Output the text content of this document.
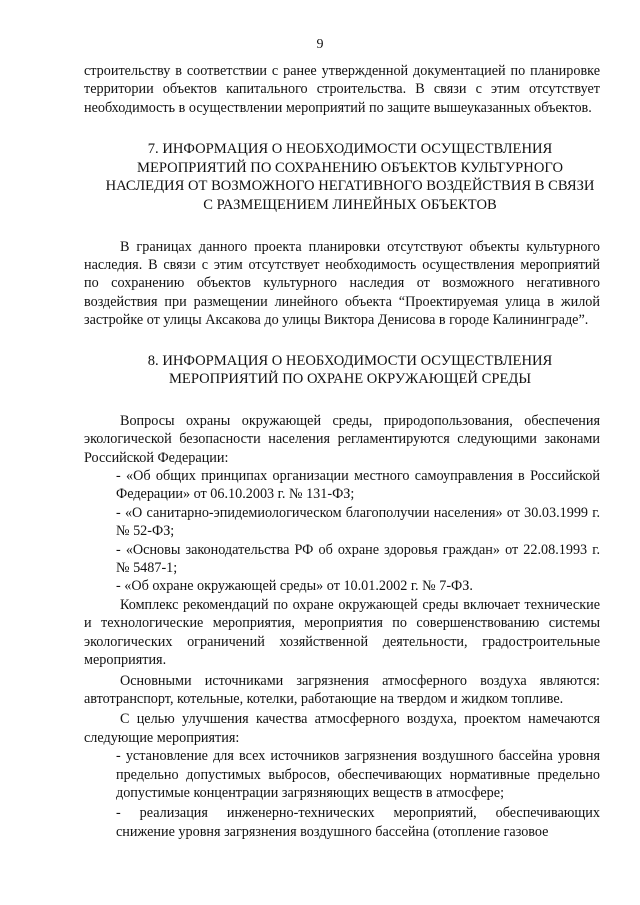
9

строительству в соответствии с ранее утвержденной документацией по планировке территории объектов капитального строительства. В связи с этим отсутствует необходимость в осуществлении мероприятий по защите вышеуказанных объектов.

7. ИНФОРМАЦИЯ О НЕОБХОДИМОСТИ ОСУЩЕСТВЛЕНИЯ МЕРОПРИЯТИЙ ПО СОХРАНЕНИЮ ОБЪЕКТОВ КУЛЬТУРНОГО НАСЛЕДИЯ ОТ ВОЗМОЖНОГО НЕГАТИВНОГО ВОЗДЕЙСТВИЯ В СВЯЗИ С РАЗМЕЩЕНИЕМ ЛИНЕЙНЫХ ОБЪЕКТОВ

В границах данного проекта планировки отсутствуют объекты культурного наследия. В связи с этим отсутствует необходимость осуществления мероприятий по сохранению объектов культурного наследия от возможного негативного воздействия при размещении линейного объекта “Проектируемая улица в жилой застройке от улицы Аксакова до улицы Виктора Денисова в городе Калининграде”.

8. ИНФОРМАЦИЯ О НЕОБХОДИМОСТИ ОСУЩЕСТВЛЕНИЯ МЕРОПРИЯТИЙ ПО ОХРАНЕ ОКРУЖАЮЩЕЙ СРЕДЫ

Вопросы охраны окружающей среды, природопользования, обеспечения экологической безопасности населения регламентируются следующими законами Российской Федерации:

- «Об общих принципах организации местного самоуправления в Российской Федерации» от 06.10.2003 г. № 131-ФЗ;

- «О санитарно-эпидемиологическом благополучии населения» от 30.03.1999 г. № 52-ФЗ;

- «Основы законодательства РФ об охране здоровья граждан» от 22.08.1993 г. № 5487-1;

- «Об охране окружающей среды» от 10.01.2002 г. № 7-ФЗ.

Комплекс рекомендаций по охране окружающей среды включает технические и технологические мероприятия, мероприятия по совершенствованию системы экологических ограничений хозяйственной деятельности, градостроительные мероприятия.

Основными источниками загрязнения атмосферного воздуха являются: автотранспорт, котельные, котелки, работающие на твердом и жидком топливе.

С целью улучшения качества атмосферного воздуха, проектом намечаются следующие мероприятия:

- установление для всех источников загрязнения воздушного бассейна уровня предельно допустимых выбросов, обеспечивающих нормативные предельно допустимые концентрации загрязняющих веществ в атмосфере;

- реализация инженерно-технических мероприятий, обеспечивающих снижение уровня загрязнения воздушного бассейна (отопление газовое
